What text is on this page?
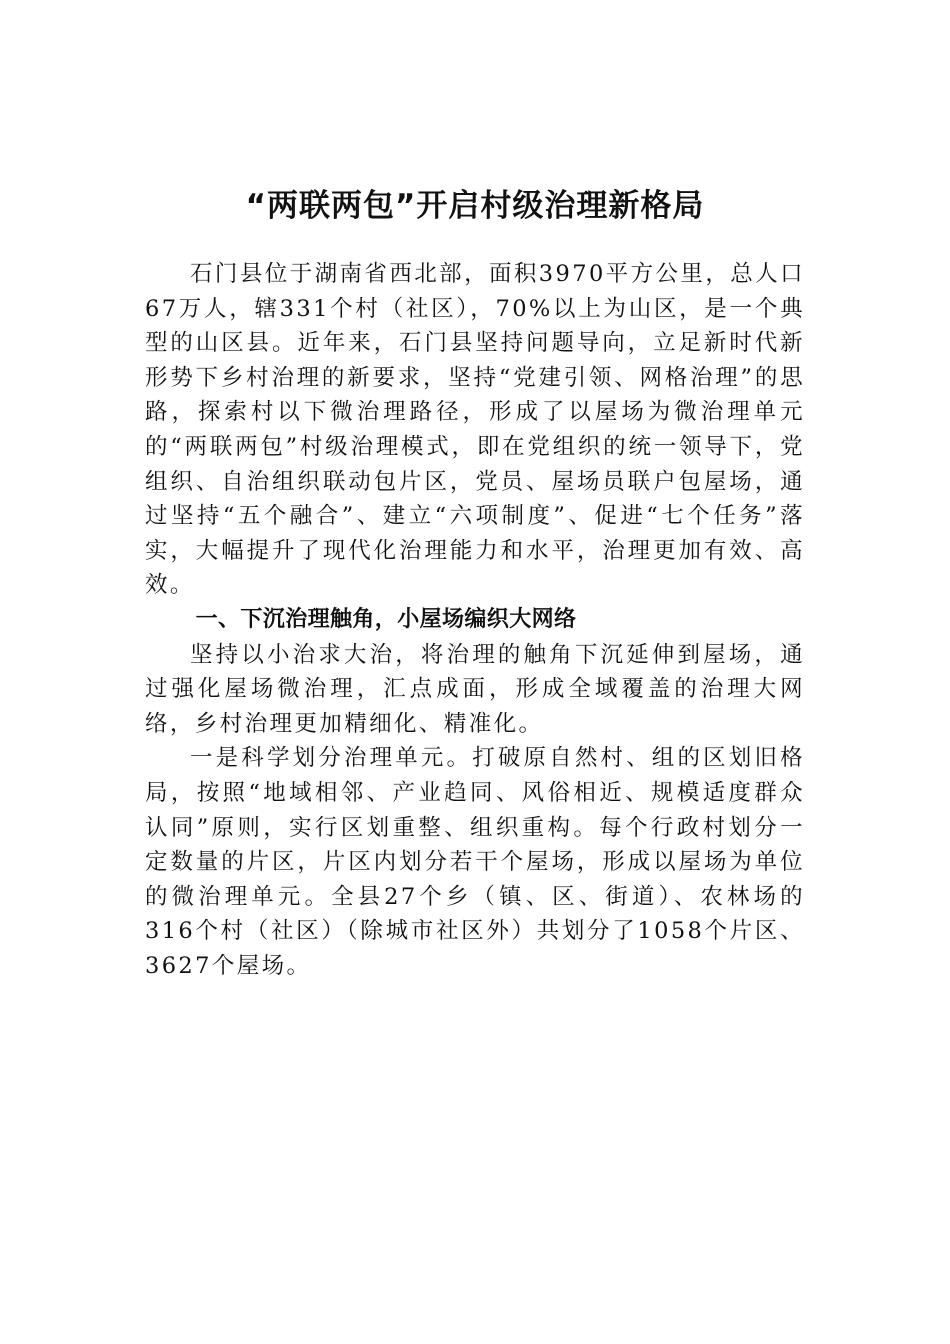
“两联两包”开启村级治理新格局

石门县位于湖南省西北部，面积3970平方公里，总人口67万人，辖331个村（社区），70%以上为山区，是一个典型的山区县。近年来，石门县坚持问题导向，立足新时代新形势下乡村治理的新要求，坚持“党建引领、网格治理”的思路，探索村以下微治理路径，形成了以屋场为微治理单元的“两联两包”村级治理模式，即在党组织的统一领导下，党组织、自治组织联动包片区，党员、屋场员联户包屋场，通过坚持“五个融合”、建立“六项制度”、促进“七个任务”落实，大幅提升了现代化治理能力和水平，治理更加有效、高效。

一、下沉治理触角，小屋场编织大网络

坚持以小治求大治，将治理的触角下沉延伸到屋场，通过强化屋场微治理，汇点成面，形成全域覆盖的治理大网络，乡村治理更加精细化、精准化。

一是科学划分治理单元。打破原自然村、组的区划旧格局，按照“地域相邻、产业趋同、风俗相近、规模适度群众认同”原则，实行区划重整、组织重构。每个行政村划分一定数量的片区，片区内划分若干个屋场，形成以屋场为单位的微治理单元。全县27个乡（镇、区、街道）、农林场的316个村（社区）（除城市社区外）共划分了1058个片区、3627个屋场。
